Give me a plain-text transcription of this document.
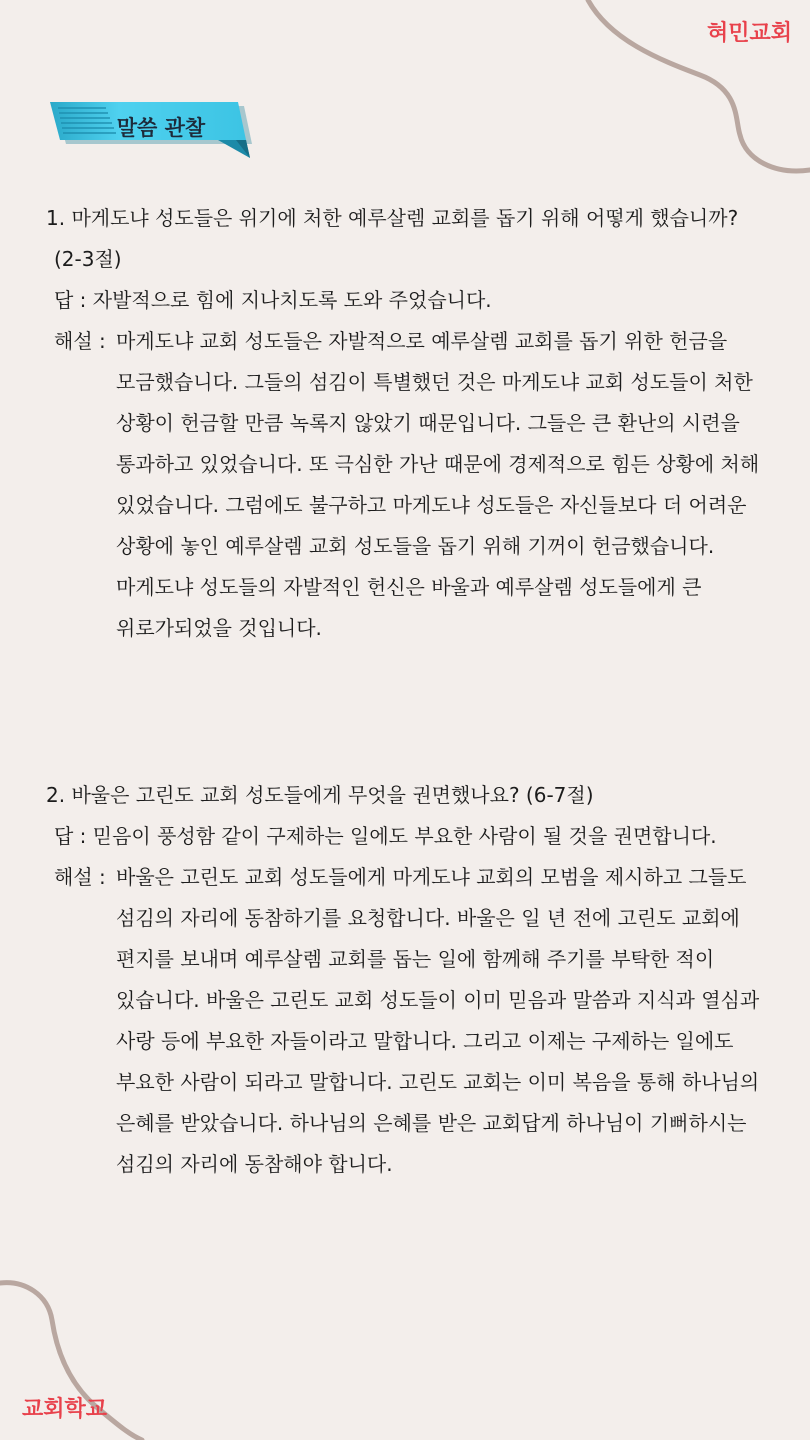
혀민교회
교회학교
말씀 관찰
1. 마게도냐 성도들은 위기에 처한 예루살렘 교회를 돕기 위해 어떻게 했습니까?
(2-3절)
답 : 자발적으로 힘에 지나치도록 도와 주었습니다.
해설 : 마게도냐 교회 성도들은 자발적으로 예루살렘 교회를 돕기 위한 헌금을 모금했습니다. 그들의 섬김이 특별했던 것은 마게도냐 교회 성도들이 처한 상황이 헌금할 만큼 녹록지 않았기 때문입니다. 그들은 큰 환난의 시련을 통과하고 있었습니다. 또 극심한 가난 때문에 경제적으로 힘든 상황에 처해 있었습니다. 그럼에도 불구하고 마게도냐 성도들은 자신들보다 더 어려운 상황에 놓인 예루살렘 교회 성도들을 돕기 위해 기꺼이 헌금했습니다. 마게도냐 성도들의 자발적인 헌신은 바울과 예루살렘 성도들에게 큰 위로가되었을 것입니다.
2. 바울은 고린도 교회 성도들에게 무엇을 권면했나요? (6-7절)
답 : 믿음이 풍성함 같이 구제하는 일에도 부요한 사람이 될 것을 권면합니다.
해설 : 바울은 고린도 교회 성도들에게 마게도냐 교회의 모범을 제시하고 그들도 섬김의 자리에 동참하기를 요청합니다. 바울은 일 년 전에 고린도 교회에 편지를 보내며 예루살렘 교회를 돕는 일에 함께해 주기를 부탁한 적이 있습니다. 바울은 고린도 교회 성도들이 이미 믿음과 말씀과 지식과 열심과 사랑 등에 부요한 자들이라고 말합니다. 그리고 이제는 구제하는 일에도 부요한 사람이 되라고 말합니다. 고린도 교회는 이미 복음을 통해 하나님의 은혜를 받았습니다. 하나님의 은혜를 받은 교회답게 하나님이 기뻐하시는 섬김의 자리에 동참해야 합니다.
